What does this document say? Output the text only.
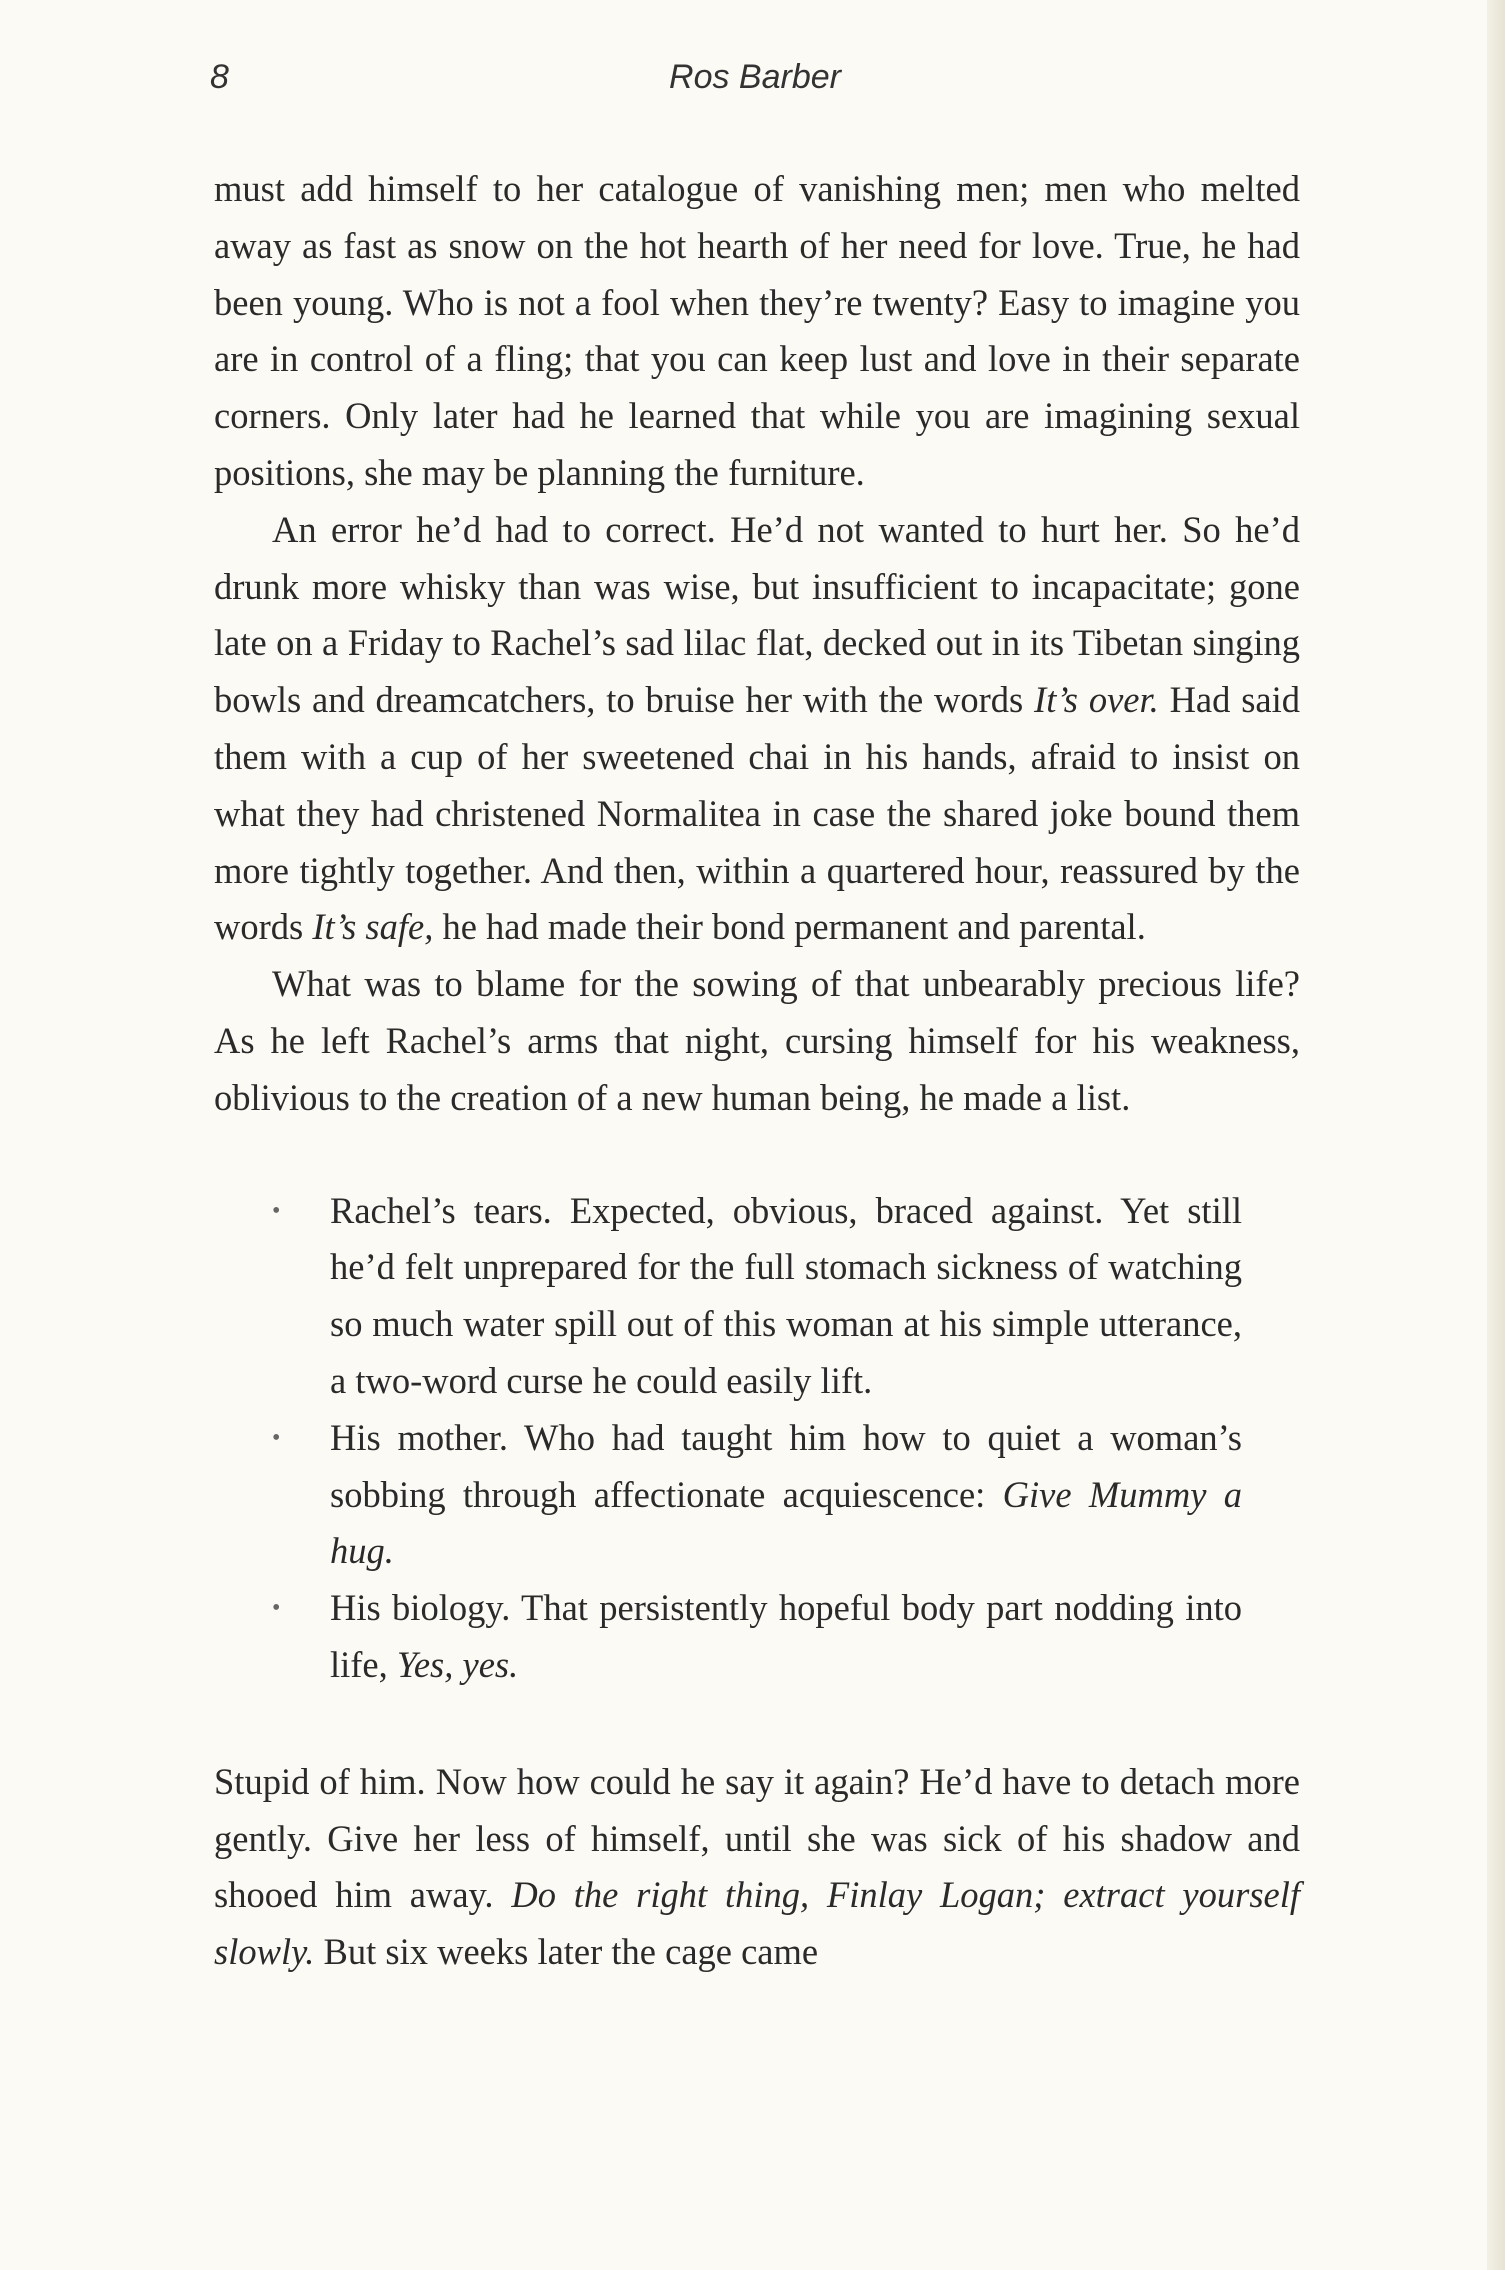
8	Ros Barber

must add himself to her catalogue of vanishing men; men who melted away as fast as snow on the hot hearth of her need for love. True, he had been young. Who is not a fool when they’re twenty? Easy to imagine you are in control of a fling; that you can keep lust and love in their separate corners. Only later had he learned that while you are imagining sexual positions, she may be planning the furniture.

An error he’d had to correct. He’d not wanted to hurt her. So he’d drunk more whisky than was wise, but insufficient to incapacitate; gone late on a Friday to Rachel’s sad lilac flat, decked out in its Tibetan singing bowls and dreamcatchers, to bruise her with the words It’s over. Had said them with a cup of her sweetened chai in his hands, afraid to insist on what they had christened Normalitea in case the shared joke bound them more tightly together. And then, within a quartered hour, reassured by the words It’s safe, he had made their bond permanent and parental.

What was to blame for the sowing of that unbearably precious life? As he left Rachel’s arms that night, cursing himself for his weakness, oblivious to the creation of a new human being, he made a list.

• Rachel’s tears. Expected, obvious, braced against. Yet still he’d felt unprepared for the full stomach sickness of watching so much water spill out of this woman at his simple utterance, a two-word curse he could easily lift.
• His mother. Who had taught him how to quiet a woman’s sobbing through affectionate acquiescence: Give Mummy a hug.
• His biology. That persistently hopeful body part nodding into life, Yes, yes.

Stupid of him. Now how could he say it again? He’d have to detach more gently. Give her less of himself, until she was sick of his shadow and shooed him away. Do the right thing, Finlay Logan; extract yourself slowly. But six weeks later the cage came
